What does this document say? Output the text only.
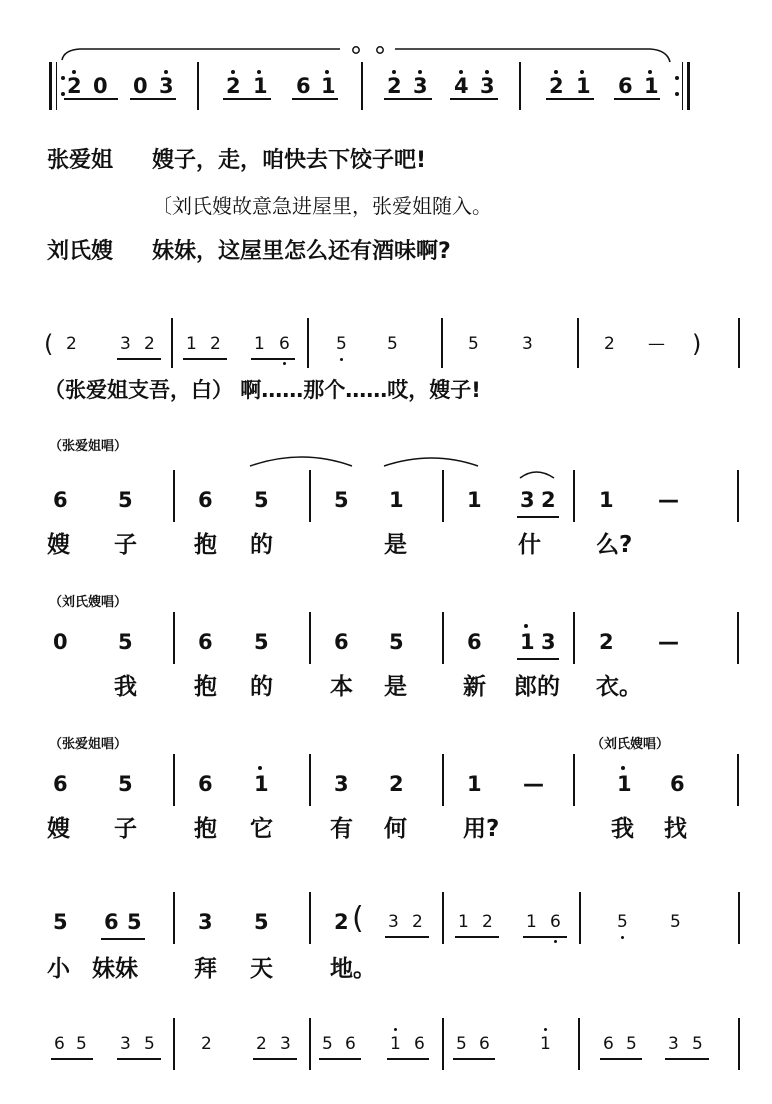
2 0 0 3 2 1 6 1 2 3 4 3	2 1 6 1
张爱姐 嫂子，走，咱快去下饺子吧!
〔刘氏嫂故意急进屋里，张爱姐随入。
刘氏嫂 妹妹，这屋里怎么还有酒味啊?
( 2	3 2 1 2 1 6	5 5	5	3	2 — )
（张爱姐支吾，白） 啊……那个……哎，嫂子!
（张爱姐唱）
6 5	6 5	5 1	1 3 2 1 —
嫂 子 抱 的	是	什 么?
（刘氏嫂唱）
0 5	6 5	6 5	6 1 3 2 —
我 抱 的 本 是 新 郎的 衣。
（张爱姐唱）	（刘氏嫂唱）
6 5	6 1	3 2	1 —	1 6
嫂 子 抱 它 有 何 用?	我 找
5 6 5	3 5	2 ( 3 2 1 2 1 6	5 5
小 妹妹 拜 天 地。
6 5 3 5	2	2 3 5 6 1 6 5 6	1	6 5 3 5
